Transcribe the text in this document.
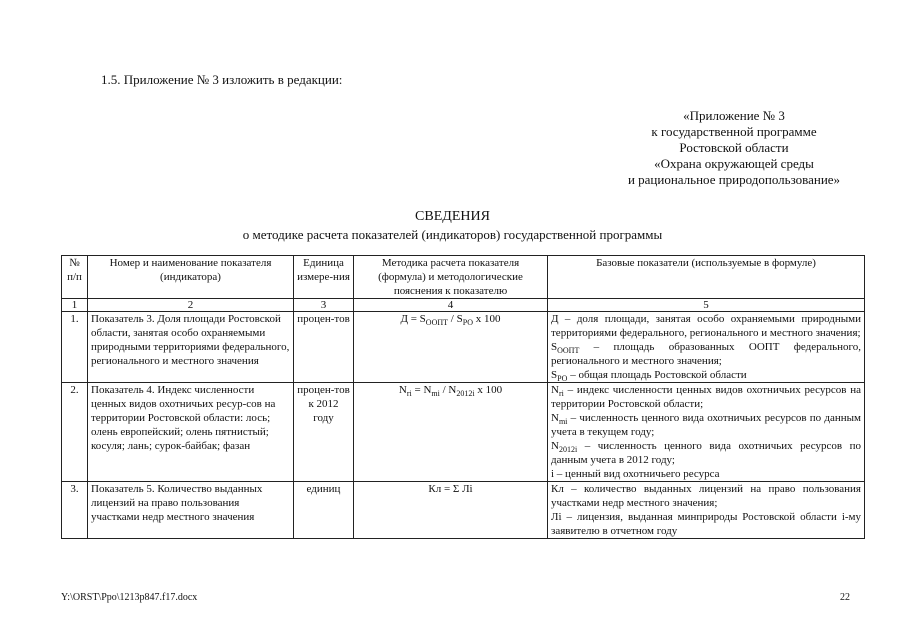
1.5. Приложение № 3 изложить в редакции:
«Приложение № 3
к государственной программе
Ростовской области
«Охрана окружающей среды
и рациональное природопользование»
СВЕДЕНИЯ
о методике расчета показателей (индикаторов) государственной программы
№ п/п	Номер и наименование показателя (индикатора)	Единица измере-ния	Методика расчета показателя (формула) и методологические пояснения к показателю	Базовые показатели (используемые в формуле)
1	2	3	4	5
1.	Показатель 3. Доля площади Ростовской области, занятая особо охраняемыми природными территориями федерального, регионального и местного значения	процен-тов	$Д = S_{ООПТ} / S_{РО}$ x 100	Д – доля площади, занятая особо охраняемыми природными территориями федерального, регионального и местного значения;
$S_{ООПТ}$ – площадь образованных ООПТ федерального, регионального и местного значения;
$S_{РО}$ – общая площадь Ростовской области

2.	Показатель 4. Индекс численности ценных видов охотничьих ресур-сов на территории Ростовской области: лось; олень европейский; олень пятнистый; косуля; лань; сурок-байбак; фазан	процен-тов к 2012 году	$N_{ri} = N_{mi} / N_{2012i}$ x 100	$N_{ri}$ – индекс численности ценных видов охотничьих ресурсов на территории Ростовской области;
$N_{mi}$ – численность ценного вида охотничьих ресурсов по данным учета в текущем году;
$N_{2012i}$ – численность ценного вида охотничьих ресурсов по данным учета в 2012 году;
i – ценный вид охотничьего ресурса

3.	Показатель 5. Количество выданных лицензий на право пользования участками недр местного значения	единиц	Кл = Σ Лi	Кл – количество выданных лицензий на право пользования участками недр местного значения;
Лi – лицензия, выданная минприроды Ростовской области i-му заявителю в отчетном году
Y:\ORST\Ppo\1213p847.f17.docx	22
